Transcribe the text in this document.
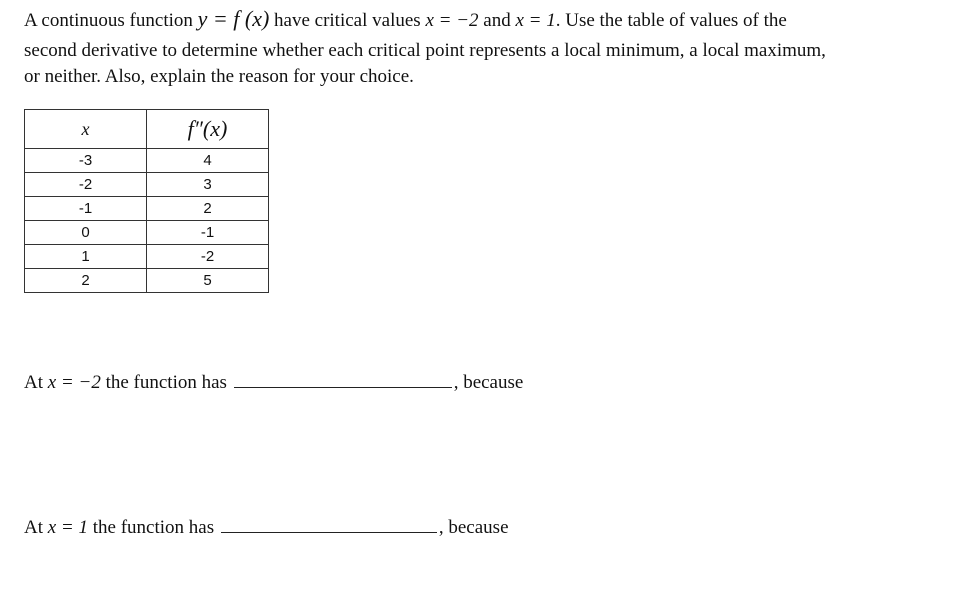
A continuous function y = f (x) have critical values x = −2 and x = 1. Use the table of values of the
second derivative to determine whether each critical point represents a local minimum, a local maximum,
or neither. Also, explain the reason for your choice.
x	f″(x)
-3	4
-2	3
-1	2
0	-1
1	-2
2	5
At x = −2 the function has	, because
At x = 1 the function has	, because
